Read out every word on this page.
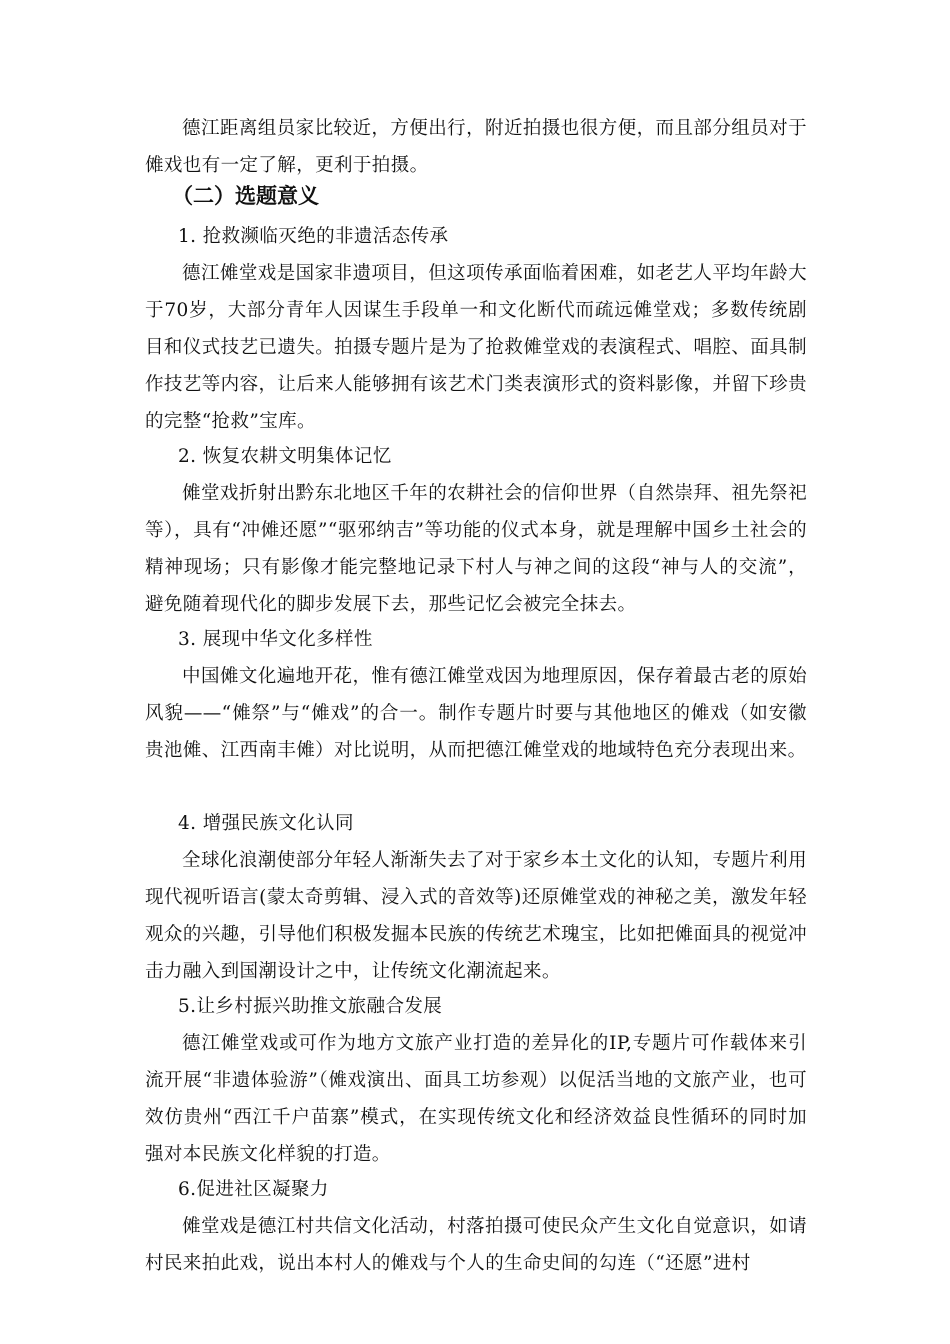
德江距离组员家比较近，方便出行，附近拍摄也很方便，而且部分组员对于傩戏也有一定了解，更利于拍摄。

（二）选题意义

1. 抢救濒临灭绝的非遗活态传承

德江傩堂戏是国家非遗项目，但这项传承面临着困难，如老艺人平均年龄大于70岁，大部分青年人因谋生手段单一和文化断代而疏远傩堂戏；多数传统剧目和仪式技艺已遗失。拍摄专题片是为了抢救傩堂戏的表演程式、唱腔、面具制作技艺等内容，让后来人能够拥有该艺术门类表演形式的资料影像，并留下珍贵的完整“抢救”宝库。

2. 恢复农耕文明集体记忆

傩堂戏折射出黔东北地区千年的农耕社会的信仰世界（自然崇拜、祖先祭祀等），具有“冲傩还愿”“驱邪纳吉”等功能的仪式本身，就是理解中国乡土社会的精神现场；只有影像才能完整地记录下村人与神之间的这段“神与人的交流”，避免随着现代化的脚步发展下去，那些记忆会被完全抹去。

3. 展现中华文化多样性

中国傩文化遍地开花，惟有德江傩堂戏因为地理原因，保存着最古老的原始风貌——“傩祭”与“傩戏”的合一。制作专题片时要与其他地区的傩戏（如安徽贵池傩、江西南丰傩）对比说明，从而把德江傩堂戏的地域特色充分表现出来。

4. 增强民族文化认同

全球化浪潮使部分年轻人渐渐失去了对于家乡本土文化的认知，专题片利用现代视听语言(蒙太奇剪辑、浸入式的音效等)还原傩堂戏的神秘之美，激发年轻观众的兴趣，引导他们积极发掘本民族的传统艺术瑰宝，比如把傩面具的视觉冲击力融入到国潮设计之中，让传统文化潮流起来。

5.让乡村振兴助推文旅融合发展

德江傩堂戏或可作为地方文旅产业打造的差异化的IP,专题片可作载体来引流开展“非遗体验游”（傩戏演出、面具工坊参观）以促活当地的文旅产业，也可效仿贵州“西江千户苗寨”模式，在实现传统文化和经济效益良性循环的同时加强对本民族文化样貌的打造。

6.促进社区凝聚力

傩堂戏是德江村共信文化活动，村落拍摄可使民众产生文化自觉意识，如请村民来拍此戏，说出本村人的傩戏与个人的生命史间的勾连（“还愿”进村
